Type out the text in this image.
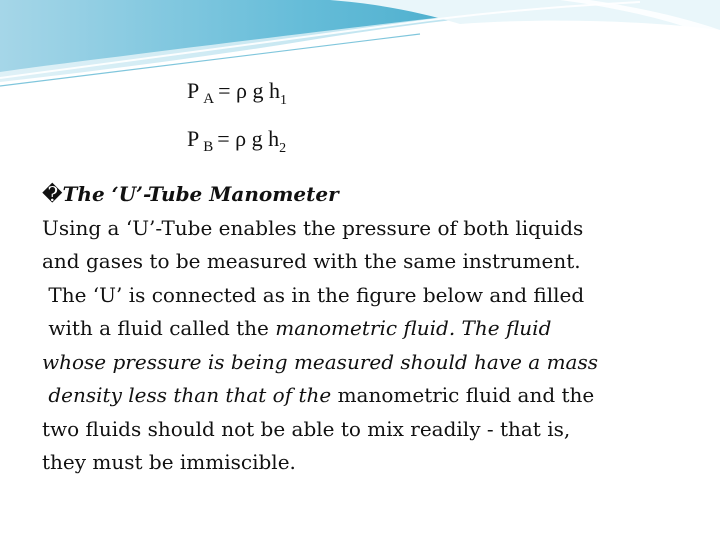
P $_A$ = ρ g $h_1$
P $_B$ = ρ g $h_2$
�The ‘U’-Tube Manometer
Using a ‘U’-Tube enables the pressure of both liquids
and gases to be measured with the same instrument.
The ‘U’ is connected as in the figure below and filled
with a fluid called the manometric fluid. The fluid
whose pressure is being measured should have a mass
density less than that of the manometric fluid and the
two fluids should not be able to mix readily - that is,
they must be immiscible.
